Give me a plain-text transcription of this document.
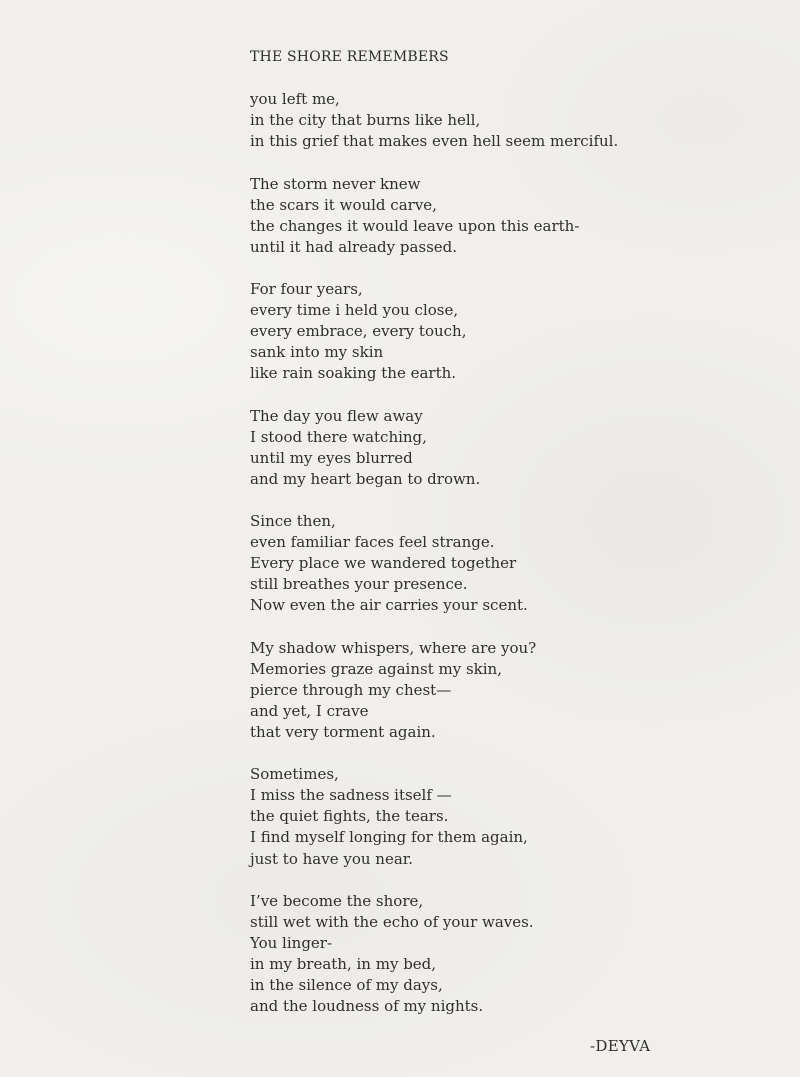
THE SHORE REMEMBERS
you left me,
in the city that burns like hell,
in this grief that makes even hell seem merciful.
The storm never knew
the scars it would carve,
the changes it would leave upon this earth-
until it had already passed.
For four years,
every time i held you close,
every embrace, every touch,
sank into my skin
like rain soaking the earth.
The day you flew away
I stood there watching,
until my eyes blurred
and my heart began to drown.
Since then,
even familiar faces feel strange.
Every place we wandered together
still breathes your presence.
Now even the air carries your scent.
My shadow whispers, where are you?
Memories graze against my skin,
pierce through my chest—
and yet, I crave
that very torment again.
Sometimes,
I miss the sadness itself —
the quiet fights, the tears.
I find myself longing for them again,
just to have you near.
I’ve become the shore,
still wet with the echo of your waves.
You linger-
in my breath, in my bed,
in the silence of my days,
and the loudness of my nights.
-DEYVA
